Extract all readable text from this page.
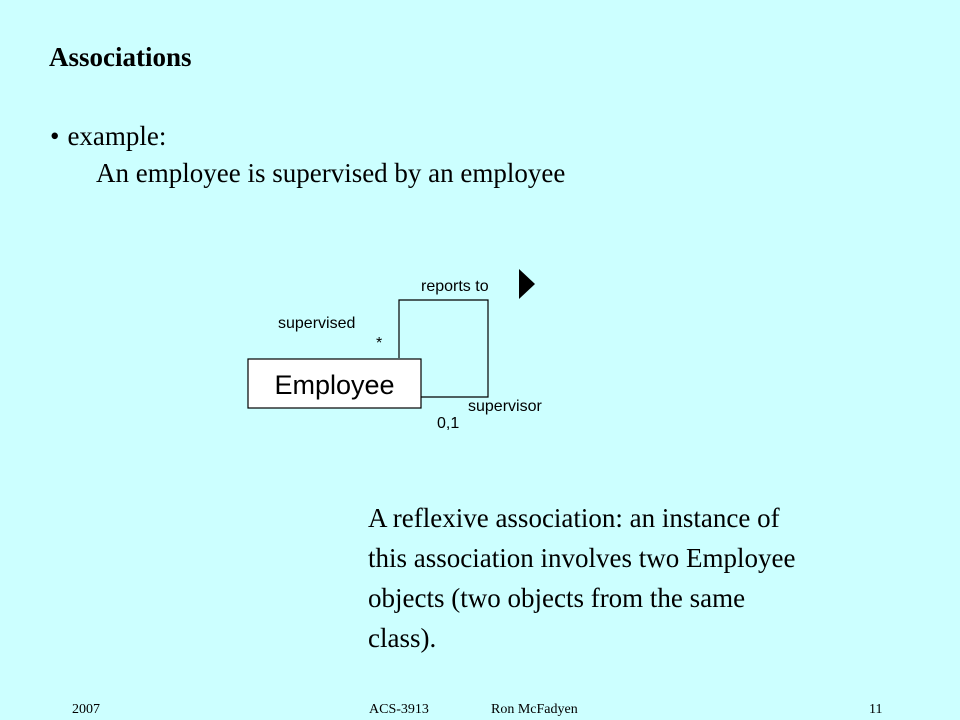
Associations
• example:
An employee is supervised by an employee
Employee
reports to
supervised
*
supervisor
0,1
A reflexive association: an instance of
this association involves two Employee
objects (two objects from the same
class).
2007	ACS-3913	Ron McFadyen	11
